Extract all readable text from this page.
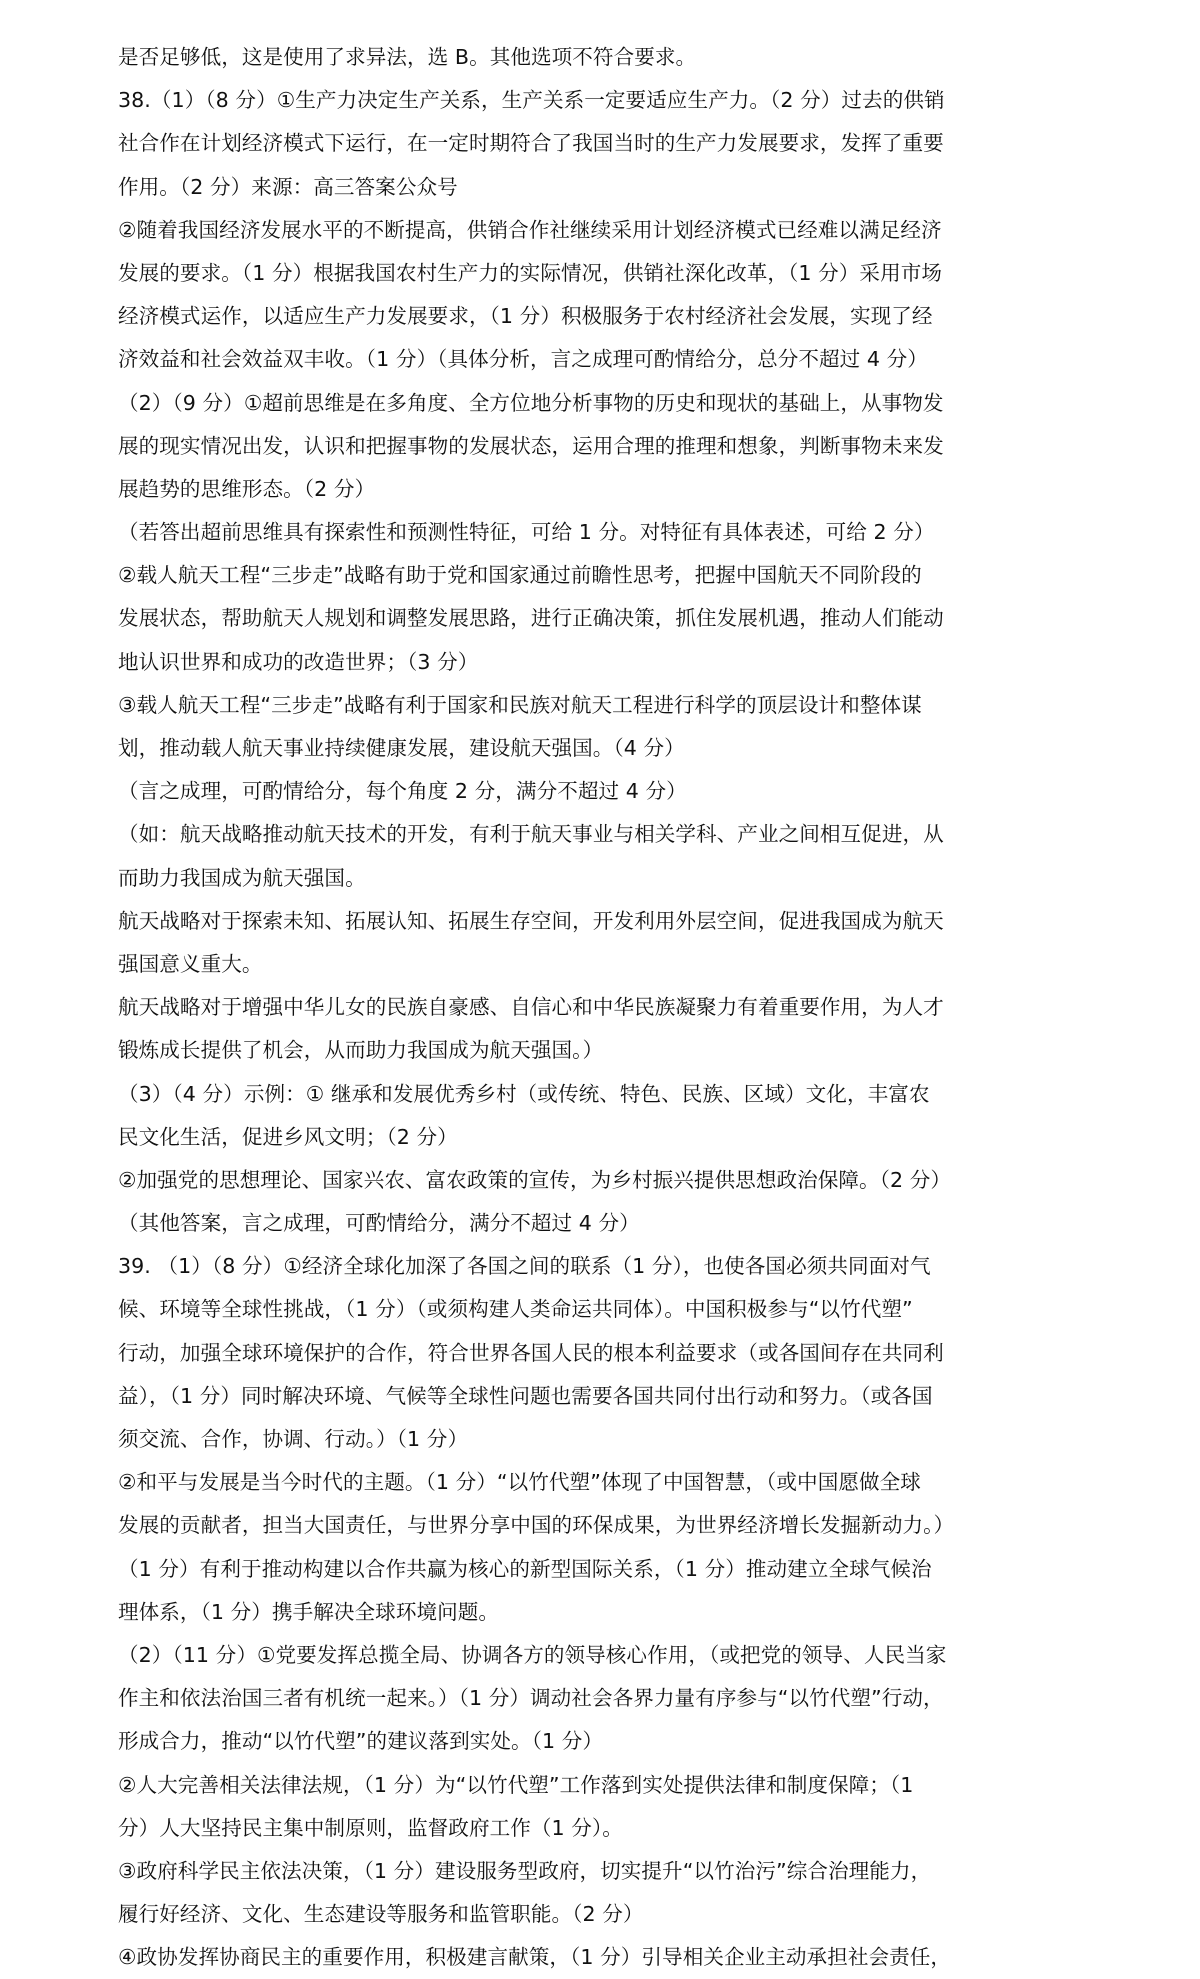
是否足够低，这是使用了求异法，选 B。其他选项不符合要求。
38.（1）（8 分）①生产力决定生产关系，生产关系一定要适应生产力。（2 分）过去的供销
社合作在计划经济模式下运行，在一定时期符合了我国当时的生产力发展要求，发挥了重要
作用。（2 分）来源：高三答案公众号
②随着我国经济发展水平的不断提高，供销合作社继续采用计划经济模式已经难以满足经济
发展的要求。（1 分）根据我国农村生产力的实际情况，供销社深化改革，（1 分）采用市场
经济模式运作，以适应生产力发展要求，（1 分）积极服务于农村经济社会发展，实现了经
济效益和社会效益双丰收。（1 分）（具体分析，言之成理可酌情给分，总分不超过 4 分）
（2）（9 分）①超前思维是在多角度、全方位地分析事物的历史和现状的基础上，从事物发
展的现实情况出发，认识和把握事物的发展状态，运用合理的推理和想象，判断事物未来发
展趋势的思维形态。（2 分）
（若答出超前思维具有探索性和预测性特征，可给 1 分。对特征有具体表述，可给 2 分）
②载人航天工程“三步走”战略有助于党和国家通过前瞻性思考，把握中国航天不同阶段的
发展状态，帮助航天人规划和调整发展思路，进行正确决策，抓住发展机遇，推动人们能动
地认识世界和成功的改造世界；（3 分）
③载人航天工程“三步走”战略有利于国家和民族对航天工程进行科学的顶层设计和整体谋
划，推动载人航天事业持续健康发展，建设航天强国。（4 分）
（言之成理，可酌情给分，每个角度 2 分，满分不超过 4 分）
（如：航天战略推动航天技术的开发，有利于航天事业与相关学科、产业之间相互促进，从
而助力我国成为航天强国。
航天战略对于探索未知、拓展认知、拓展生存空间，开发利用外层空间，促进我国成为航天
强国意义重大。
航天战略对于增强中华儿女的民族自豪感、自信心和中华民族凝聚力有着重要作用，为人才
锻炼成长提供了机会，从而助力我国成为航天强国。）
（3）（4 分）示例：① 继承和发展优秀乡村（或传统、特色、民族、区域）文化，丰富农
民文化生活，促进乡风文明；（2 分）
②加强党的思想理论、国家兴农、富农政策的宣传，为乡村振兴提供思想政治保障。（2 分）
（其他答案，言之成理，可酌情给分，满分不超过 4 分）
39. （1）（8 分）①经济全球化加深了各国之间的联系（1 分），也使各国必须共同面对气
候、环境等全球性挑战，（1 分）（或须构建人类命运共同体）。中国积极参与“以竹代塑”
行动，加强全球环境保护的合作，符合世界各国人民的根本利益要求（或各国间存在共同利
益），（1 分）同时解决环境、气候等全球性问题也需要各国共同付出行动和努力。（或各国
须交流、合作，协调、行动。）（1 分）
②和平与发展是当今时代的主题。（1 分）“以竹代塑”体现了中国智慧，（或中国愿做全球
发展的贡献者，担当大国责任，与世界分享中国的环保成果，为世界经济增长发掘新动力。）
（1 分）有利于推动构建以合作共赢为核心的新型国际关系，（1 分）推动建立全球气候治
理体系，（1 分）携手解决全球环境问题。
（2）（11 分）①党要发挥总揽全局、协调各方的领导核心作用，（或把党的领导、人民当家
作主和依法治国三者有机统一起来。）（1 分）调动社会各界力量有序参与“以竹代塑”行动，
形成合力，推动“以竹代塑”的建议落到实处。（1 分）
②人大完善相关法律法规，（1 分）为“以竹代塑”工作落到实处提供法律和制度保障；（1
分）人大坚持民主集中制原则，监督政府工作（1 分）。
③政府科学民主依法决策，（1 分）建设服务型政府，切实提升“以竹治污”综合治理能力，
履行好经济、文化、生态建设等服务和监管职能。（2 分）
④政协发挥协商民主的重要作用，积极建言献策，（1 分）引导相关企业主动承担社会责任，
